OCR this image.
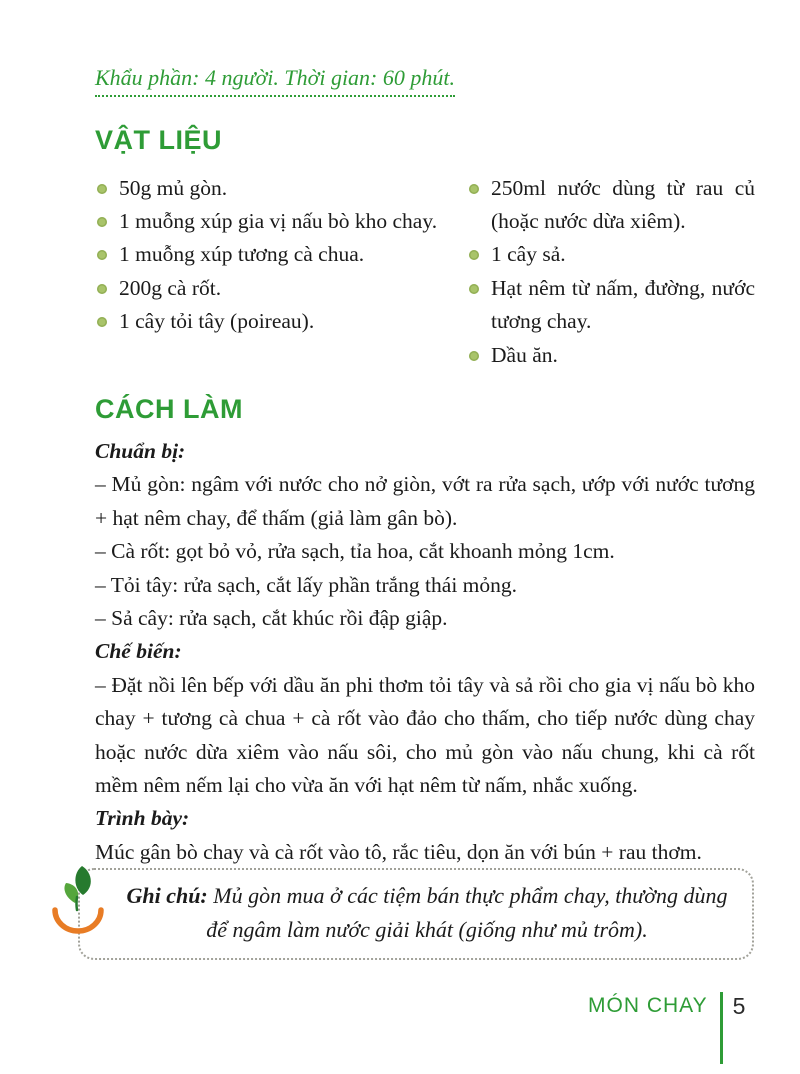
Khẩu phần: 4 người. Thời gian: 60 phút.
VẬT LIỆU
50g mủ gòn.
1 muỗng xúp gia vị nấu bò kho chay.
1 muỗng xúp tương cà chua.
200g cà rốt.
1 cây tỏi tây (poireau).
250ml nước dùng từ rau củ (hoặc nước dừa xiêm).
1 cây sả.
Hạt nêm từ nấm, đường, nước tương chay.
Dầu ăn.
CÁCH LÀM

Chuẩn bị:

– Mủ gòn: ngâm với nước cho nở giòn, vớt ra rửa sạch, ướp với nước tương + hạt nêm chay, để thấm (giả làm gân bò).

– Cà rốt: gọt bỏ vỏ, rửa sạch, tỉa hoa, cắt khoanh mỏng 1cm.

– Tỏi tây: rửa sạch, cắt lấy phần trắng thái mỏng.

– Sả cây: rửa sạch, cắt khúc rồi đập giập.

Chế biến:

– Đặt nồi lên bếp với dầu ăn phi thơm tỏi tây và sả rồi cho gia vị nấu bò kho chay + tương cà chua + cà rốt vào đảo cho thấm, cho tiếp nước dùng chay hoặc nước dừa xiêm vào nấu sôi, cho mủ gòn vào nấu chung, khi cà rốt mềm nêm nếm lại cho vừa ăn với hạt nêm từ nấm, nhắc xuống.

Trình bày:

Múc gân bò chay và cà rốt vào tô, rắc tiêu, dọn ăn với bún + rau thơm.

Ghi chú: Mủ gòn mua ở các tiệm bán thực phẩm chay, thường dùng để ngâm làm nước giải khát (giống như mủ trôm).

MÓN CHAY 5
